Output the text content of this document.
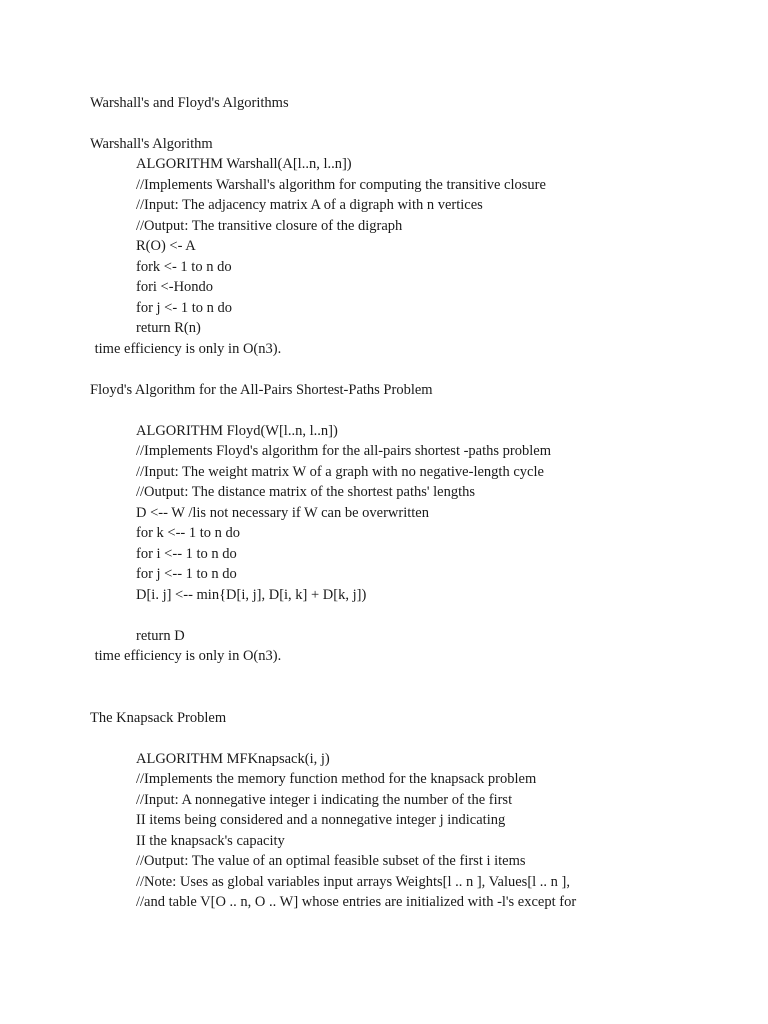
Warshall's and Floyd's Algorithms
Warshall's Algorithm
ALGORITHM Warshall(A[l..n, l..n])
//Implements Warshall's algorithm for computing the transitive closure
//Input: The adjacency matrix A of a digraph with n vertices
//Output: The transitive closure of the digraph
R(O) <- A
fork <- 1 to n do
fori <-Hondo
for j <- 1 to n do
return R(n)
time efficiency is only in O(n3).
Floyd's Algorithm for the All-Pairs Shortest-Paths Problem
ALGORITHM Floyd(W[l..n, l..n])
//Implements Floyd's algorithm for the all-pairs shortest -paths problem
//Input: The weight matrix W of a graph with no negative-length cycle
//Output: The distance matrix of the shortest paths' lengths
D <-- W /lis not necessary if W can be overwritten
for k <-- 1 to n do
for i <-- 1 to n do
for j <-- 1 to n do
D[i. j] <-- min{D[i, j], D[i, k] + D[k, j])
return D
time efficiency is only in O(n3).
The Knapsack Problem
ALGORITHM MFKnapsack(i, j)
//Implements the memory function method for the knapsack problem
//Input: A nonnegative integer i indicating the number of the first
II items being considered and a nonnegative integer j indicating
II the knapsack's capacity
//Output: The value of an optimal feasible subset of the first i items
//Note: Uses as global variables input arrays Weights[l .. n ], Values[l .. n ],
//and table V[O .. n, O .. W] whose entries are initialized with -l's except for
